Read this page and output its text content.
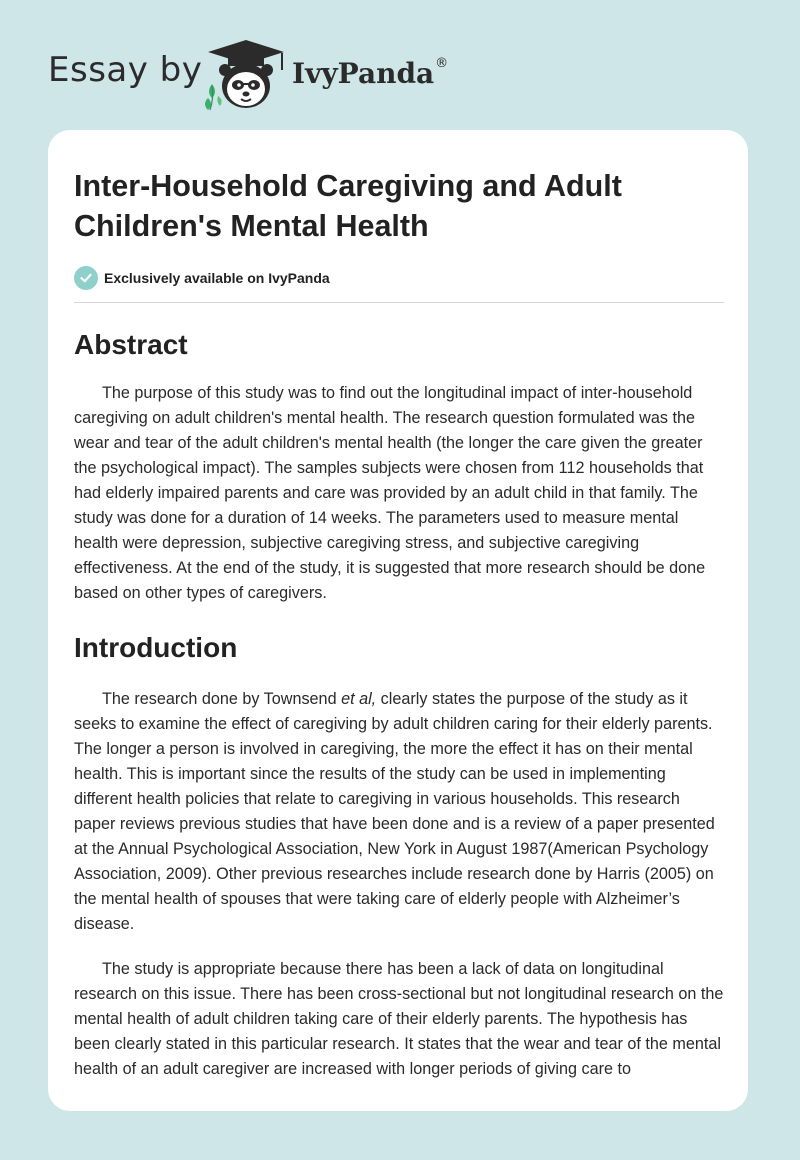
Essay by	IvyPanda®
Inter-Household Caregiving and Adult Children's Mental Health
Exclusively available on IvyPanda
Abstract

The purpose of this study was to find out the longitudinal impact of inter-household caregiving on adult children's mental health. The research question formulated was the wear and tear of the adult children's mental health (the longer the care given the greater the psychological impact). The samples subjects were chosen from 112 households that had elderly impaired parents and care was provided by an adult child in that family. The study was done for a duration of 14 weeks. The parameters used to measure mental health were depression, subjective caregiving stress, and subjective caregiving effectiveness. At the end of the study, it is suggested that more research should be done based on other types of caregivers.

Introduction

The research done by Townsend et al, clearly states the purpose of the study as it seeks to examine the effect of caregiving by adult children caring for their elderly parents. The longer a person is involved in caregiving, the more the effect it has on their mental health. This is important since the results of the study can be used in implementing different health policies that relate to caregiving in various households. This research paper reviews previous studies that have been done and is a review of a paper presented at the Annual Psychological Association, New York in August 1987(American Psychology Association, 2009). Other previous researches include research done by Harris (2005) on the mental health of spouses that were taking care of elderly people with Alzheimer’s disease.

The study is appropriate because there has been a lack of data on longitudinal research on this issue. There has been cross-sectional but not longitudinal research on the mental health of adult children taking care of their elderly parents. The hypothesis has been clearly stated in this particular research. It states that the wear and tear of the mental health of an adult caregiver are increased with longer periods of giving care to
